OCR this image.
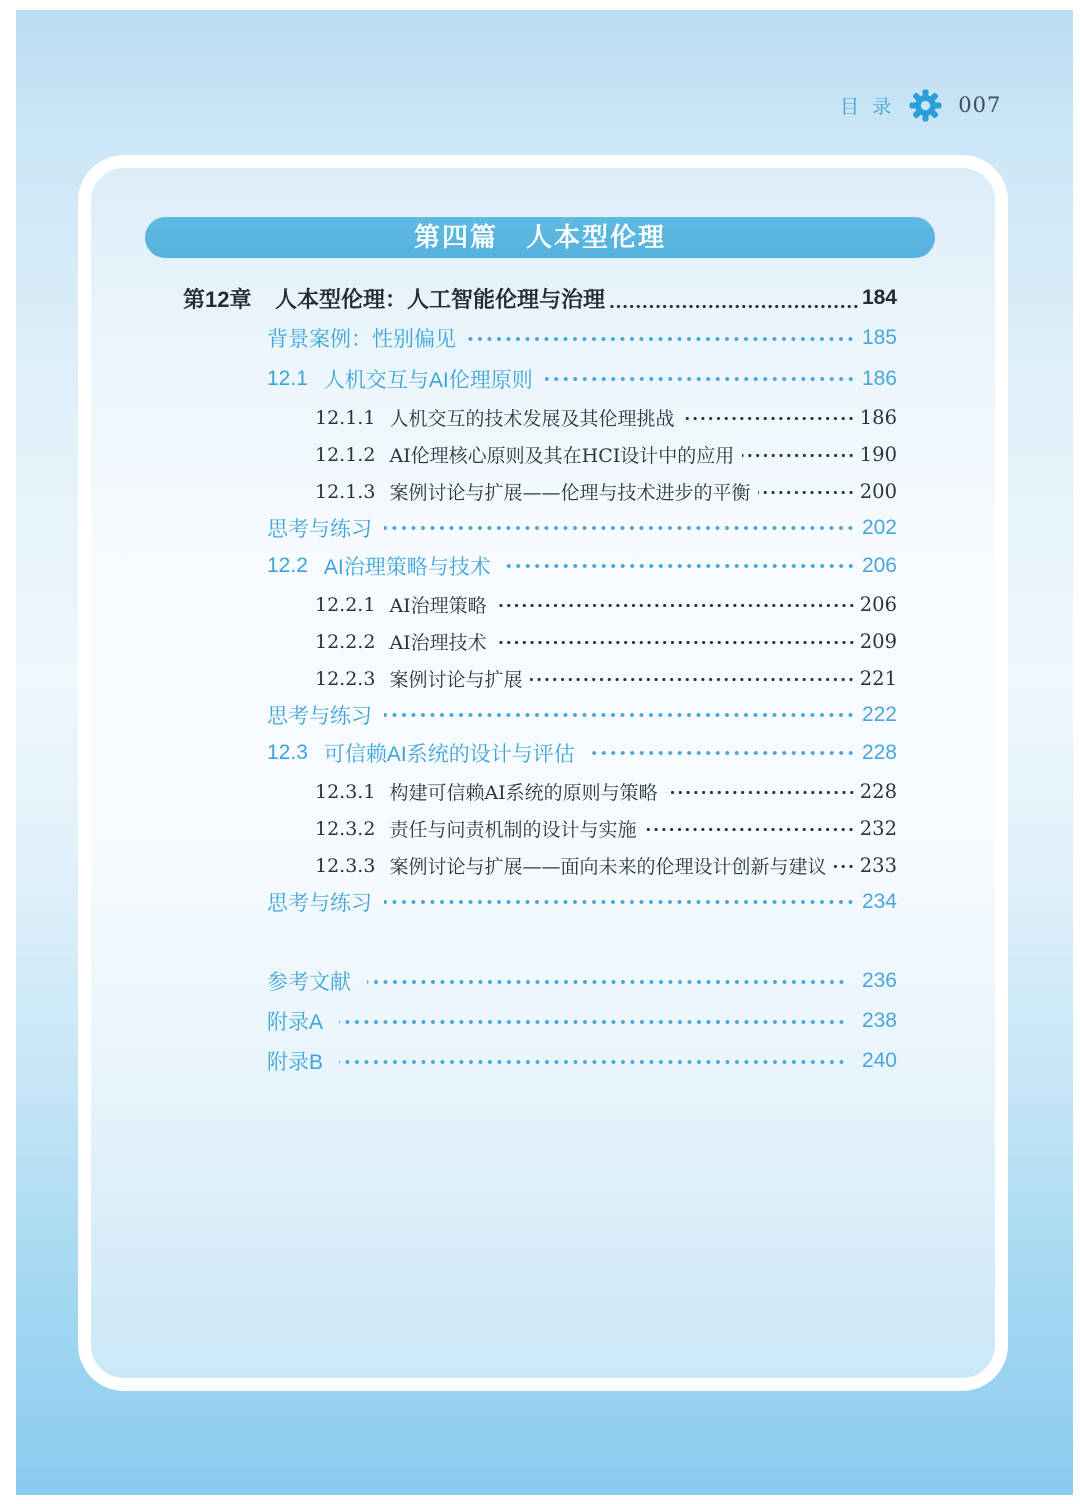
目 录	007
第四篇　人本型伦理
第12章	人本型伦理：人工智能伦理与治理	184
背景案例：性别偏见	185
12.1 人机交互与AI伦理原则	186
12.1.1 人机交互的技术发展及其伦理挑战	186
12.1.2 AI伦理核心原则及其在HCI设计中的应用	190
12.1.3 案例讨论与扩展——伦理与技术进步的平衡	200
思考与练习	202
12.2 AI治理策略与技术	206
12.2.1 AI治理策略	206
12.2.2 AI治理技术	209
12.2.3 案例讨论与扩展	221
思考与练习	222
12.3 可信赖AI系统的设计与评估	228
12.3.1 构建可信赖AI系统的原则与策略	228
12.3.2 责任与问责机制的设计与实施	232
12.3.3 案例讨论与扩展——面向未来的伦理设计创新与建议 233
思考与练习	234
参考文献	236
附录A	238
附录B	240
